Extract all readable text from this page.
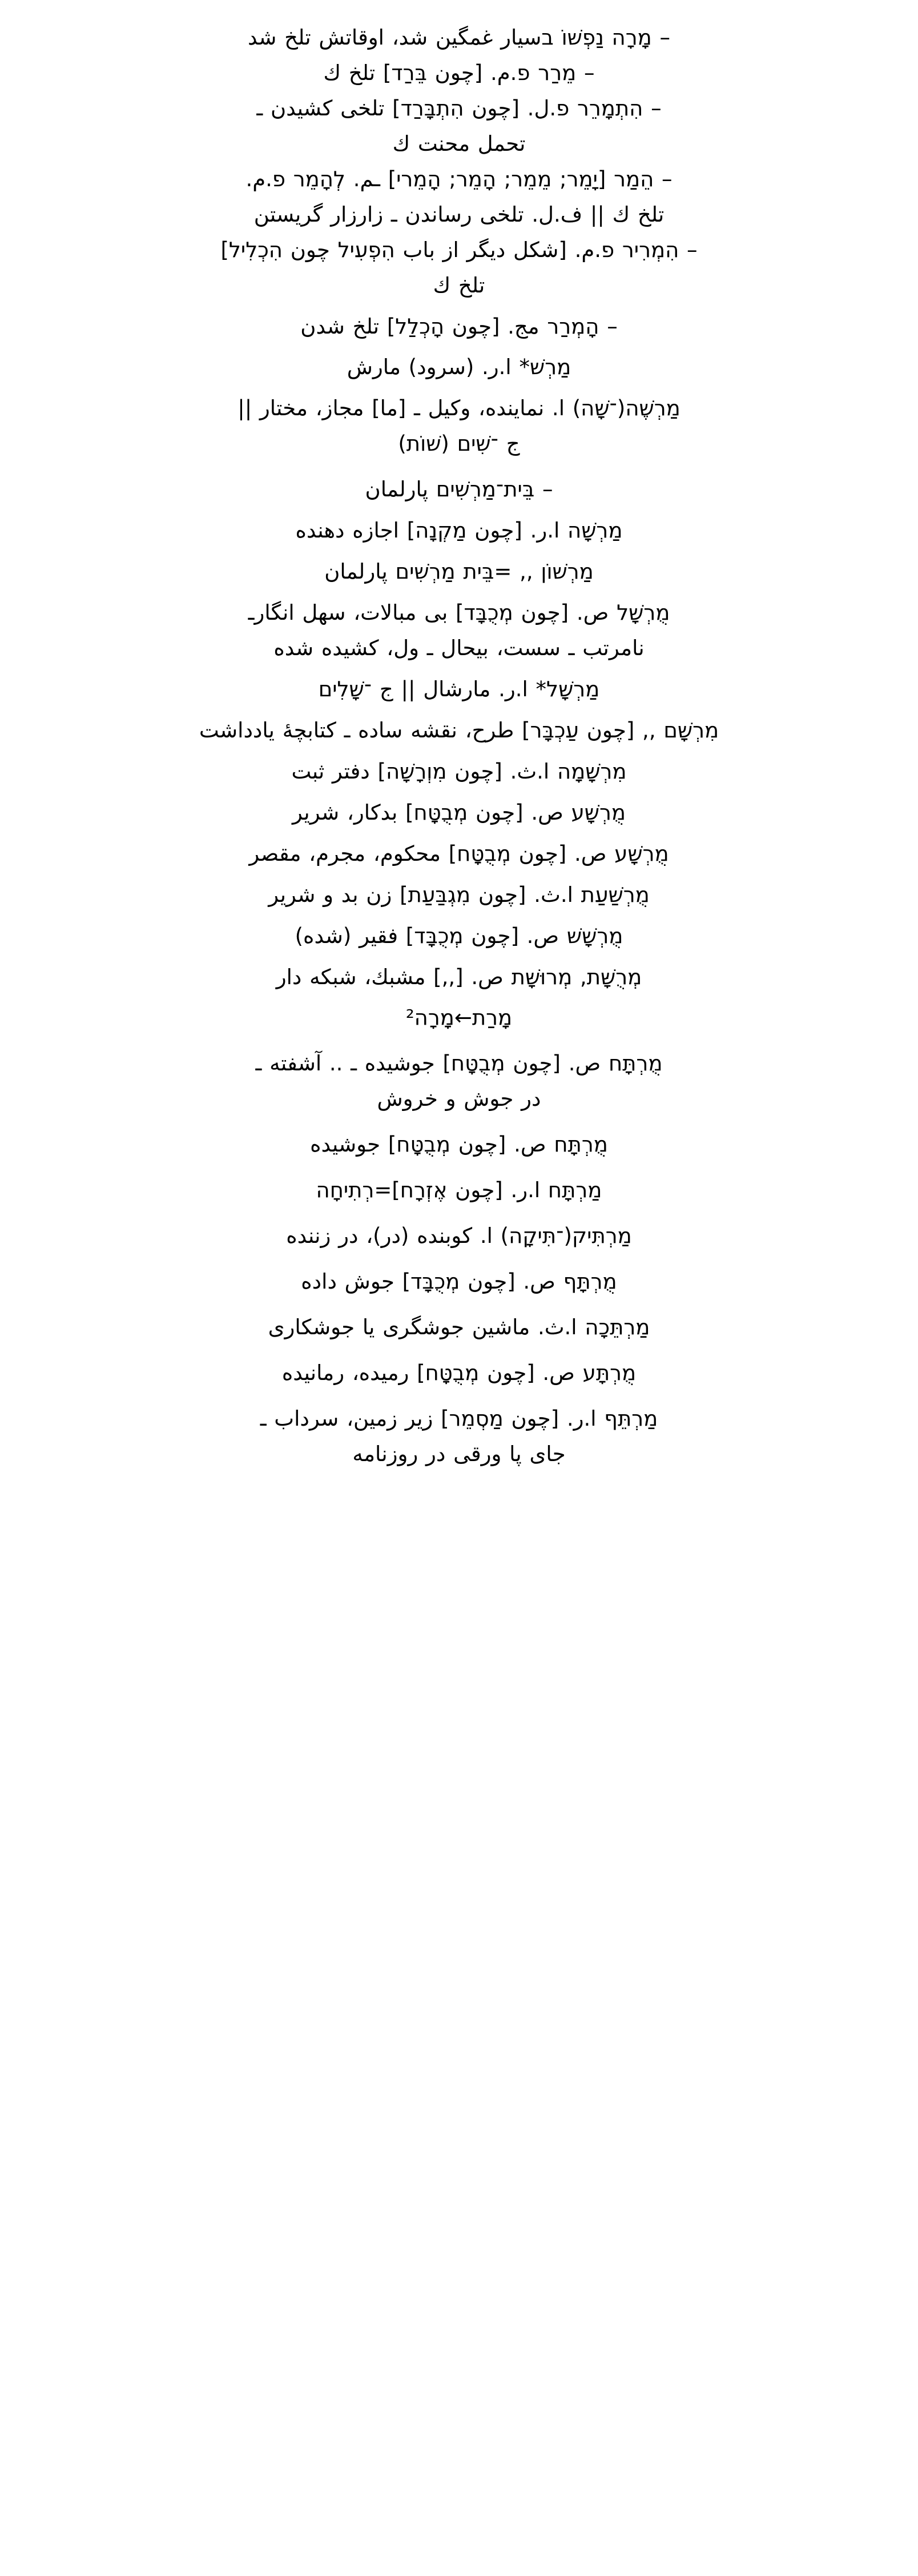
– מָרָה נַפְשׁוֹ בسیار غمگین شد، اوقاتش تلخ شد
– מֵרַר פ.م. [چون בֵּרַד] تلخ ك
– הִתְמָרֵר פ.ل. [چون הִתְבָּרַד] تلخی كشیدن ـ
تحمل محنت ك
– הֵמַר [יָמֵר; מֵמֵר; הָמֵר; הָמֵרי] ـم. לְהָמֵר פ.م.
تلخ ك || ف.ل. تلخی رساندن ـ زارزار گریستن
– הִמְרִיר פ.م. [شكل دیگر از باب הִפְעִיל چون הִכְלִיל]
تلخ ك
– הָמְרַר مج. [چون הָכְלַל] تلخ شدن
מַרְשׁ* ا.ر. (سرود) مارش
מַרְשֶׁה(־שָׁה) ا. نماینده، وكیل ـ [ما] مجاز، مختار ||
ج ־שִׁים (שׁוֹת)
– בֵּית־מַרְשִׁים پارلمان
מַרְשָׁה ا.ر. [چون מַקְנָה] اجازه دهنده
מַרְשׁוֹן ,, =בֵּית מַרְשִׁים پارلمان
מֻרְשָׁל ص. [چون מְכֻבָּד] بی مبالات، سهل انگارـ
نامرتب ـ سست، بیحال ـ ول، كشیده شده
מַרְשָׁל* ا.ر. مارشال || ج ־שָׁלִים
מִרְשָׁם ,, [چون עַכְבָּר] طرح، نقشه ساده ـ كتابچهٔ یادداشت
מִרְשָׁמָה ا.ث. [چون מִוְרָשָׁה] دفتر ثبت
מֻרְשָׁע ص. [چون מְבֻטָּח] بدكار، شریر
מֻרְשָׁע ص. [چون מְבֻטָּח] محكوم، مجرم، مقصر
מֻרְשַׁעַת ا.ث. [چون מִגְבַּעַת] زن بد و شریر
מֻרְשָׁשׁ ص. [چون מְכֻבָּד] فقیر (شده)
מְרֻשָּׁת, מְרוּשָּׁת ص. [,,] مشبك، شبكه دار
מָרַת←מָרָה²
מֻרְתָּח ص. [چون מְבֻטָּח] جوشیده ـ .. آشفته ـ
در جوش و خروش
מֻרְתָּח ص. [چون מְבֻטָּח] جوشیده
מַרְתָּח ا.ر. [چون אֶזְרָח]=רְתִיחָה
מַרְתִּיק(־תִּיקָה) ا. كوبنده (در)، در زننده
מֻרְתָּף ص. [چون מְכֻבָּד] جوش داده
מַרְתֵּכָה ا.ث. ماشین جوشگری یا جوشكاری
מֻרְתָּע ص. [چون מְבֻטָּח] رمیده، رمانیده
מַרְתֵּף ا.ر. [چون מַסְמֵר] زیر زمین، سرداب ـ
جای پا ورقی در روزنامه
